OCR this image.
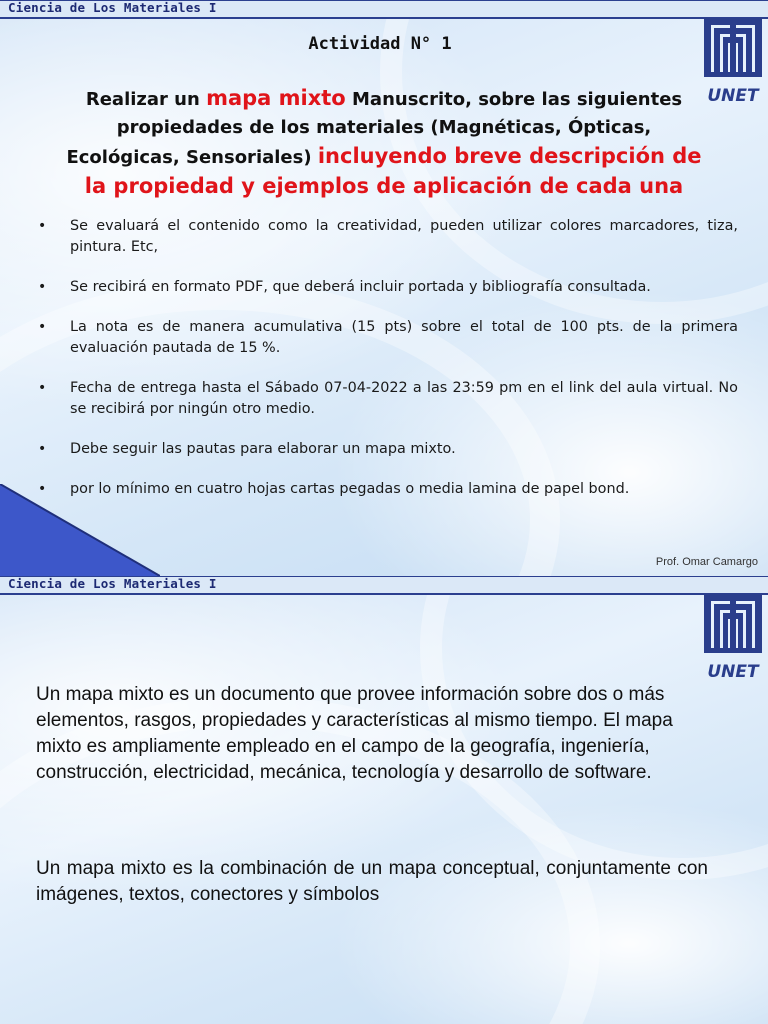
Ciencia de Los Materiales I
UNET
Actividad N° 1
Realizar un mapa mixto Manuscrito, sobre las siguientes
propiedades de los materiales (Magnéticas, Ópticas,
Ecológicas, Sensoriales) incluyendo breve descripción de
la propiedad y ejemplos de aplicación de cada una
• Se evaluará el contenido como la creatividad, pueden utilizar colores marcadores, tiza, pintura. Etc,
• Se recibirá en formato PDF, que deberá incluir portada y bibliografía consultada.
• La nota es de manera acumulativa (15 pts) sobre el total de 100 pts. de la primera evaluación pautada de 15 %.
• Fecha de entrega hasta el Sábado 07-04-2022 a las 23:59 pm en el link del aula virtual. No se recibirá por ningún otro medio.
• Debe seguir las pautas para elaborar un mapa mixto.
• por lo mínimo en cuatro hojas cartas pegadas o media lamina de papel bond.
Prof. Omar Camargo
Ciencia de Los Materiales I
UNET

Un mapa mixto es un documento que provee información sobre dos o más elementos, rasgos, propiedades y características al mismo tiempo. El mapa mixto es ampliamente empleado en el campo de la geografía, ingeniería, construcción, electricidad, mecánica, tecnología y desarrollo de software.

Un mapa mixto es la combinación de un mapa conceptual, conjuntamente con imágenes, textos, conectores y símbolos
